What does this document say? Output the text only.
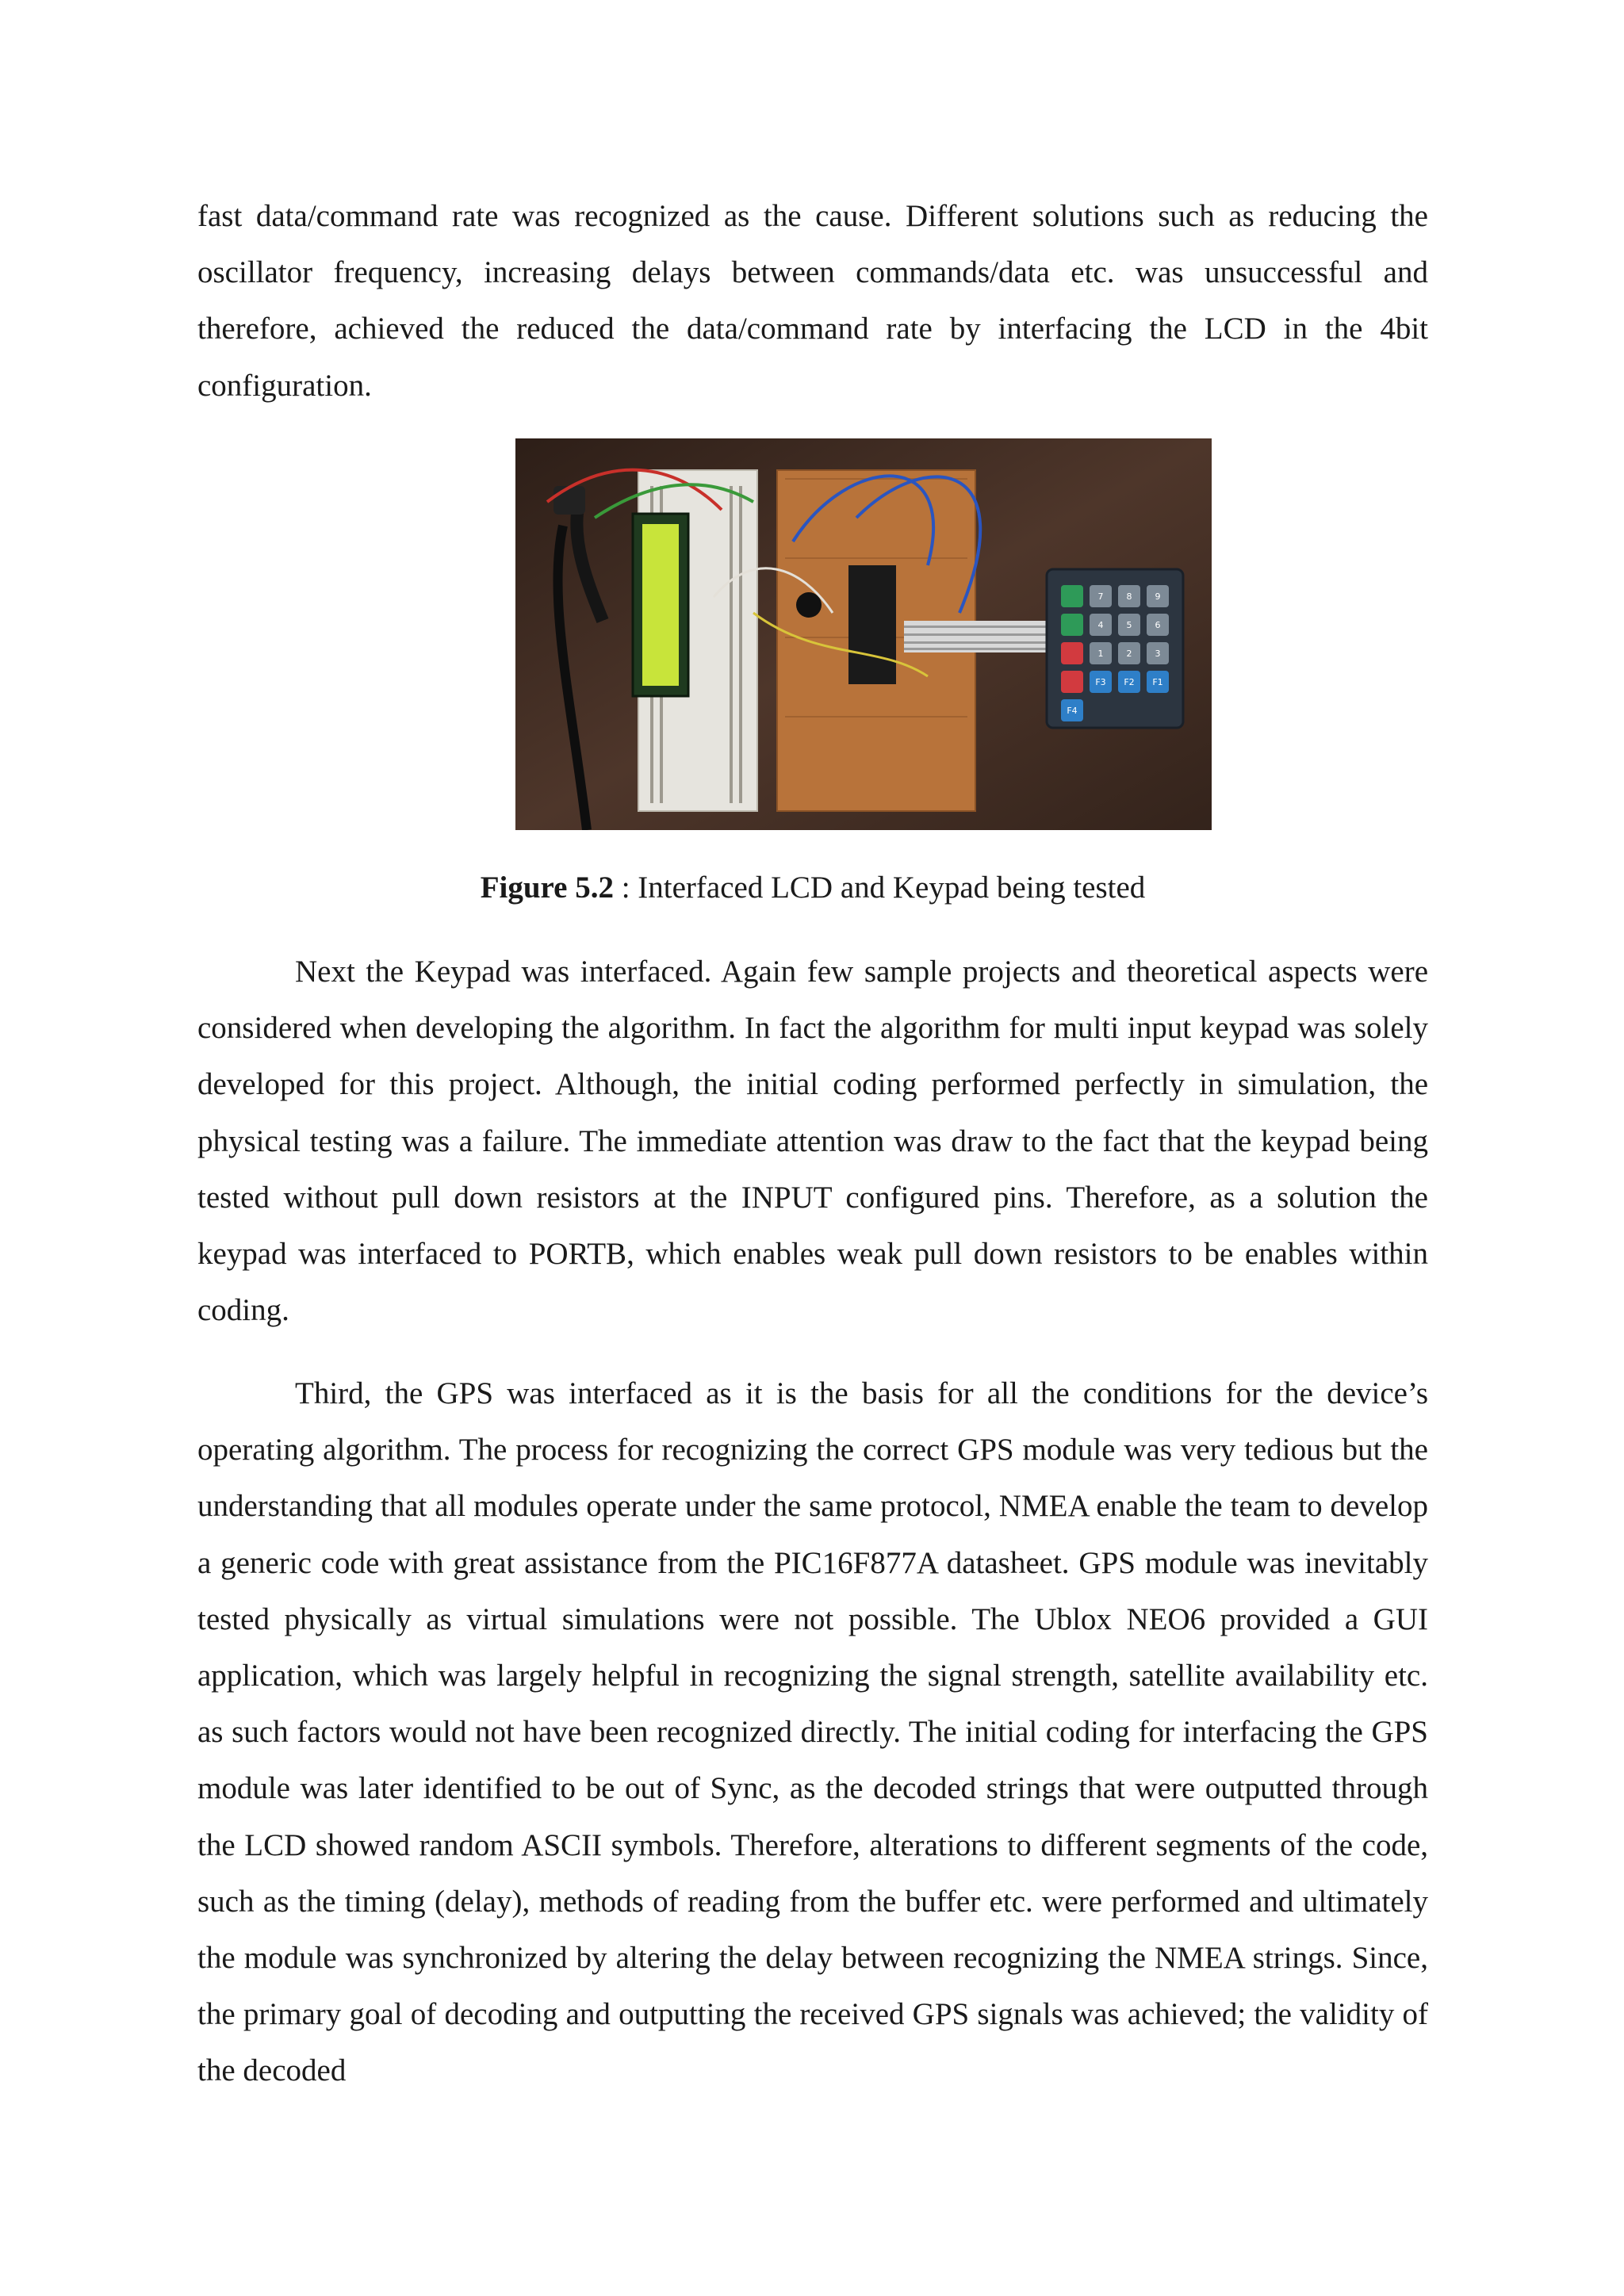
fast data/command rate was recognized as the cause. Different solutions such as reducing the oscillator frequency, increasing delays between commands/data etc. was unsuccessful and therefore, achieved the reduced the data/command rate by interfacing the LCD in the 4bit configuration.

7	8	9
4	5	6
1	2	3
F4
F3 F2 F1

Figure 5.2 : Interfaced LCD and Keypad being tested

Next the Keypad was interfaced. Again few sample projects and theoretical aspects were considered when developing the algorithm. In fact the algorithm for multi input keypad was solely developed for this project. Although, the initial coding performed perfectly in simulation, the physical testing was a failure. The immediate attention was draw to the fact that the keypad being tested without pull down resistors at the INPUT configured pins. Therefore, as a solution the keypad was interfaced to PORTB, which enables weak pull down resistors to be enables within coding.

Third, the GPS was interfaced as it is the basis for all the conditions for the device’s operating algorithm. The process for recognizing the correct GPS module was very tedious but the understanding that all modules operate under the same protocol, NMEA enable the team to develop a generic code with great assistance from the PIC16F877A datasheet. GPS module was inevitably tested physically as virtual simulations were not possible. The Ublox NEO6 provided a GUI application, which was largely helpful in recognizing the signal strength, satellite availability etc. as such factors would not have been recognized directly. The initial coding for interfacing the GPS module was later identified to be out of Sync, as the decoded strings that were outputted through the LCD showed random ASCII symbols. Therefore, alterations to different segments of the code, such as the timing (delay), methods of reading from the buffer etc. were performed and ultimately the module was synchronized by altering the delay between recognizing the NMEA strings. Since, the primary goal of decoding and outputting the received GPS signals was achieved; the validity of the decoded
